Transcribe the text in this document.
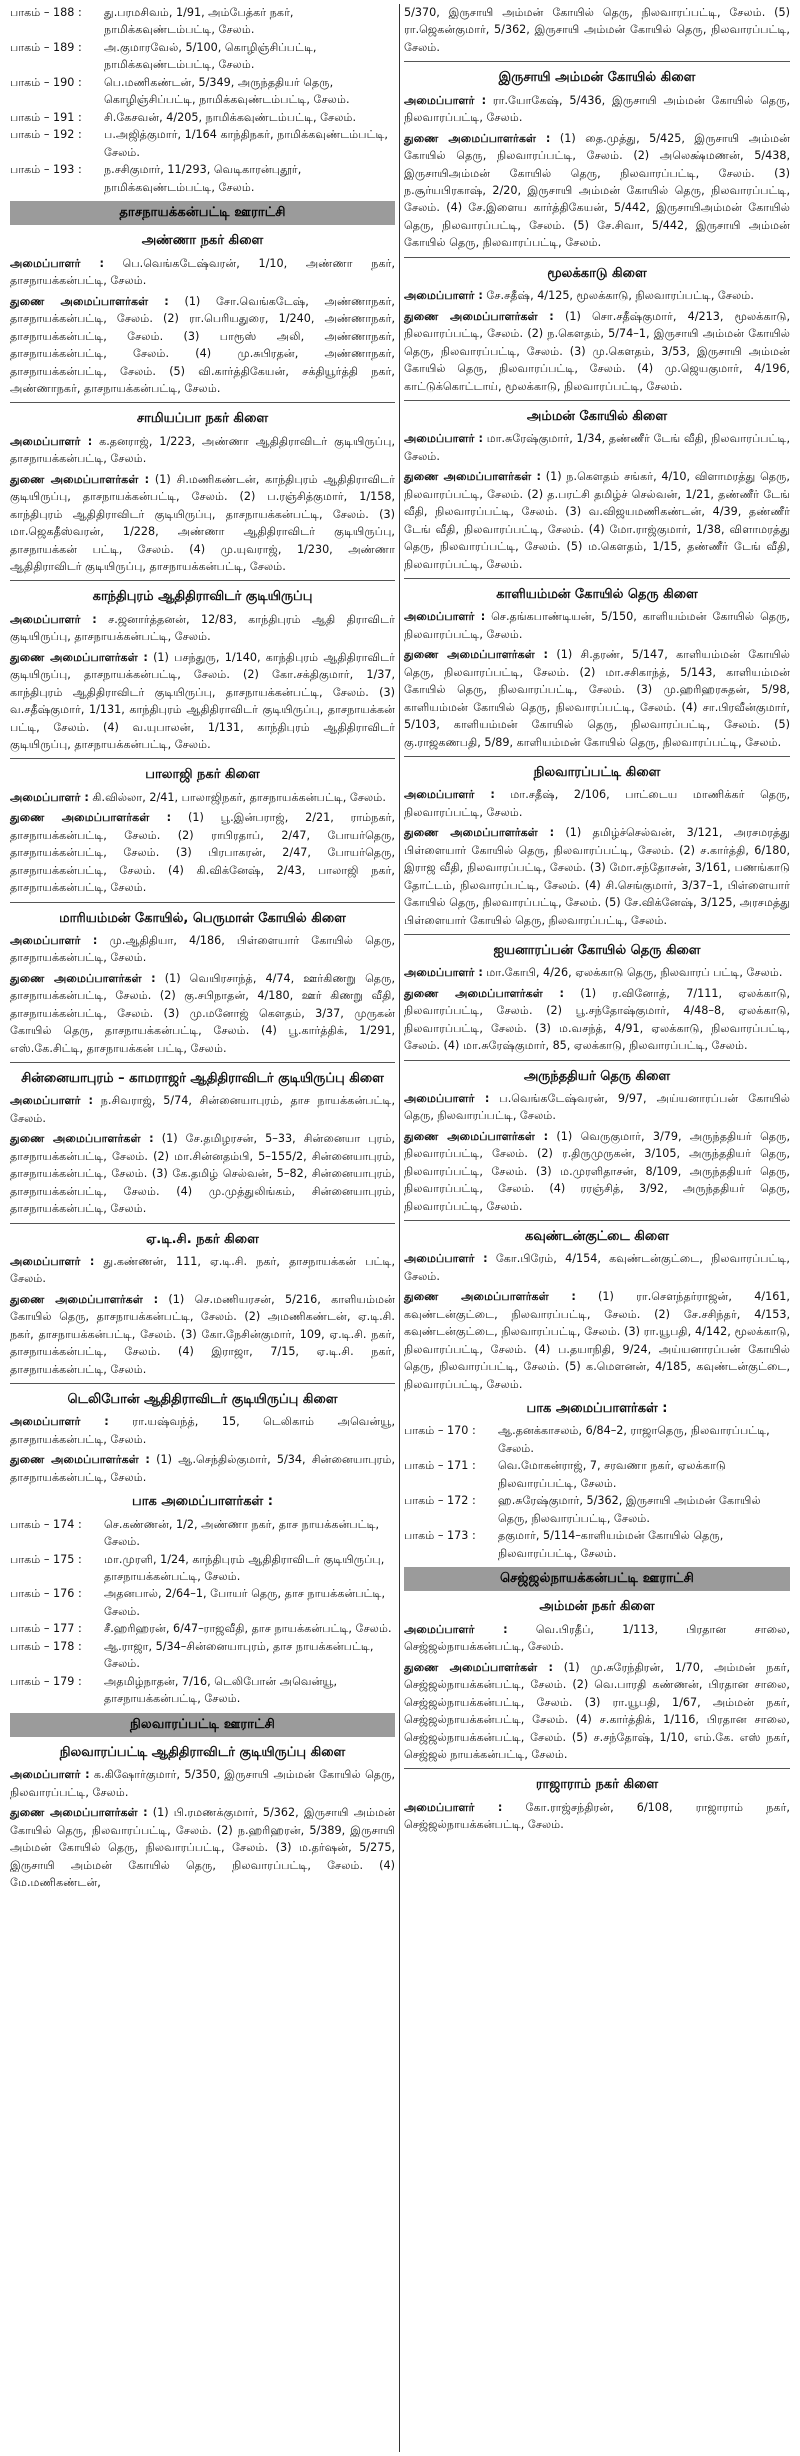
பாகம் – 188 :	து.பரமசிவம், 1/91, அம்பேத்கர் நகர், நாமிக்கவுண்டம்பட்டி, சேலம்.
பாகம் – 189 :	அ.குமாரவேல், 5/100, கொழிஞ்சிப்பட்டி, நாமிக்கவுண்டம்பட்டி, சேலம்.
பாகம் – 190 :	பெ.மணிகண்டன், 5/349, அருந்ததியர் தெரு, கொழிஞ்சிப்பட்டி, நாமிக்கவுண்டம்பட்டி, சேலம்.
பாகம் – 191 :	சி.கேசவன், 4/205, நாமிக்கவுண்டம்பட்டி, சேலம்.
பாகம் – 192 :	ப.அஜித்குமார், 1/164 காந்திநகர், நாமிக்கவுண்டம்பட்டி, சேலம்.
பாகம் – 193 :	ந.சசிகுமார், 11/293, வெடிகாரன்புதூர், நாமிக்கவுண்டம்பட்டி, சேலம்.
தாசநாயக்கன்பட்டி ஊராட்சி
அண்ணா நகர் கிளை
அமைப்பாளர் : பெ.வெங்கடேஷ்வரன், 1/10, அண்ணா நகர், தாசநாயக்கன்பட்டி, சேலம்.
துணை அமைப்பாளர்கள் : (1) சோ.வெங்கடேஷ், அண்ணாநகர், தாசநாயக்கன்பட்டி, சேலம். (2) ரா.பெரியதுரை, 1/240, அண்ணாநகர், தாசநாயக்கன்பட்டி, சேலம். (3) பாரூஸ் அலி, அண்ணாநகர், தாசநாயக்கன்பட்டி, சேலம். (4) மு.சுபிரதன், அண்ணாநகர், தாசநாயக்கன்பட்டி, சேலம். (5) வி.கார்த்திகேயன், சக்தியூர்த்தி நகர், அண்ணாநகர், தாசநாயக்கன்பட்டி, சேலம்.
சாமியப்பா நகர் கிளை
அமைப்பாளர் : க.தனராஜ், 1/223, அண்ணா ஆதிதிராவிடர் குடியிருப்பு, தாசநாயக்கன்பட்டி, சேலம்.
துணை அமைப்பாளர்கள் : (1) சி.மணிகண்டன், காந்திபுரம் ஆதிதிராவிடர் குடியிருப்பு, தாசநாயக்கன்பட்டி, சேலம். (2) ப.ரஞ்சித்குமார், 1/158, காந்திபுரம் ஆதிதிராவிடர் குடியிருப்பு, தாசநாயக்கன்பட்டி, சேலம். (3) மா.ஜெகதீஸ்வரன், 1/228, அண்ணா ஆதிதிராவிடர் குடியிருப்பு, தாசநாயக்கன் பட்டி, சேலம். (4) மு.யுவராஜ், 1/230, அண்ணா ஆதிதிராவிடர் குடியிருப்பு, தாசநாயக்கன்பட்டி, சேலம்.
காந்திபுரம் ஆதிதிராவிடர் குடியிருப்பு
அமைப்பாளர் : ச.ஜனார்த்தனன், 12/83, காந்திபுரம் ஆதி திராவிடர் குடியிருப்பு, தாசநாயக்கன்பட்டி, சேலம்.
துணை அமைப்பாளர்கள் : (1) பசந்துரு, 1/140, காந்திபுரம் ஆதிதிராவிடர் குடியிருப்பு, தாசநாயக்கன்பட்டி, சேலம். (2) கோ.சக்திகுமார், 1/37, காந்திபுரம் ஆதிதிராவிடர் குடியிருப்பு, தாசநாயக்கன்பட்டி, சேலம். (3) வ.சதீஷ்குமார், 1/131, காந்திபுரம் ஆதிதிராவிடர் குடியிருப்பு, தாசநாயக்கன் பட்டி, சேலம். (4) வ.யுபாலன், 1/131, காந்திபுரம் ஆதிதிராவிடர் குடியிருப்பு, தாசநாயக்கன்பட்டி, சேலம்.
பாலாஜி நகர் கிளை
அமைப்பாளர் : கி.வில்லா, 2/41, பாலாஜிநகர், தாசநாயக்கன்பட்டி, சேலம்.
துணை அமைப்பாளர்கள் : (1) பூ.இன்பராஜ், 2/21, ராம்நகர், தாசநாயக்கன்பட்டி, சேலம். (2) ராபிரதாப், 2/47, போயர்தெரு, தாசநாயக்கன்பட்டி, சேலம். (3) பிரபாகரன், 2/47, போயர்தெரு, தாசநாயக்கன்பட்டி, சேலம். (4) கி.விக்னேஷ், 2/43, பாலாஜி நகர், தாசநாயக்கன்பட்டி, சேலம்.
மாரியம்மன் கோயில், பெருமாள் கோயில் கிளை
அமைப்பாளர் : மு.ஆதிதியா, 4/186, பிள்ளையார் கோயில் தெரு, தாசநாயக்கன்பட்டி, சேலம்.
துணை அமைப்பாளர்கள் : (1) வெயிரசாந்த், 4/74, ஊர்கிணறு தெரு, தாசநாயக்கன்பட்டி, சேலம். (2) கு.சபிநாதன், 4/180, ஊர் கிணறு வீதி, தாசநாயக்கன்பட்டி, சேலம். (3) மு.மனோஜ் கௌதம், 3/37, முருகன் கோயில் தெரு, தாசநாயக்கன்பட்டி, சேலம். (4) பூ.கார்த்திக், 1/291, எஸ்.கே.சிட்டி, தாசநாயக்கன் பட்டி, சேலம்.
சின்னையாபுரம் – காமராஜர் ஆதிதிராவிடர் குடியிருப்பு கிளை
அமைப்பாளர் : ந.சிவராஜ், 5/74, சின்னையாபுரம், தாச நாயக்கன்பட்டி, சேலம்.
துணை அமைப்பாளர்கள் : (1) சே.தமிழரசன், 5–33, சின்னையா புரம், தாசநாயக்கன்பட்டி, சேலம். (2) மா.சின்னதம்பி, 5–155/2, சின்னையாபுரம், தாசநாயக்கன்பட்டி, சேலம். (3) கே.தமிழ் செல்வன், 5–82, சின்னையாபுரம், தாசநாயக்கன்பட்டி, சேலம். (4) மு.முத்துலிங்கம், சின்னையாபுரம், தாசநாயக்கன்பட்டி, சேலம்.
ஏ.டி.சி. நகர் கிளை
அமைப்பாளர் : து.கண்ணன், 111, ஏ.டி.சி. நகர், தாசநாயக்கன் பட்டி, சேலம்.
துணை அமைப்பாளர்கள் : (1) செ.மணியரசன், 5/216, காளியம்மன் கோயில் தெரு, தாசநாயக்கன்பட்டி, சேலம். (2) அமணிகண்டன், ஏ.டி.சி. நகர், தாசநாயக்கன்பட்டி, சேலம். (3) கோ.நேசின்குமார், 109, ஏ.டி.சி. நகர், தாசநாயக்கன்பட்டி, சேலம். (4) இராஜா, 7/15, ஏ.டி.சி. நகர், தாசநாயக்கன்பட்டி, சேலம்.
டெலிபோன் ஆதிதிராவிடர் குடியிருப்பு கிளை
அமைப்பாளர் : ரா.யஷ்வந்த், 15, டெலிகாம் அவென்யூ, தாசநாயக்கன்பட்டி, சேலம்.
துணை அமைப்பாளர்கள் : (1) ஆ.செந்தில்குமார், 5/34, சின்னையாபுரம், தாசநாயக்கன்பட்டி, சேலம்.
பாக அமைப்பாளர்கள் :
பாகம் – 174 :	செ.கண்ணன், 1/2, அண்ணா நகர், தாச நாயக்கன்பட்டி, சேலம்.
பாகம் – 175 :	மா.முரளி, 1/24, காந்திபுரம் ஆதிதிராவிடர் குடியிருப்பு, தாசநாயக்கன்பட்டி, சேலம்.
பாகம் – 176 :	அதனபால், 2/64–1, போயர் தெரு, தாச நாயக்கன்பட்டி, சேலம்.
பாகம் – 177 :	சீ.ஹரிஹரன், 6/47–ராஜவீதி, தாச நாயக்கன்பட்டி, சேலம்.
பாகம் – 178 :	ஆ.ராஜா, 5/34–சின்னையாபுரம், தாச நாயக்கன்பட்டி, சேலம்.
பாகம் – 179 :	அதமிழ்நாதன், 7/16, டெலிபோன் அவென்யூ, தாசநாயக்கன்பட்டி, சேலம்.
நிலவாரப்பட்டி ஊராட்சி
நிலவாரப்பட்டி ஆதிதிராவிடர் குடியிருப்பு கிளை
அமைப்பாளர் : க.கிஷோர்குமார், 5/350, இருசாயி அம்மன் கோயில் தெரு, நிலவாரப்பட்டி, சேலம்.
துணை அமைப்பாளர்கள் : (1) பி.ரமணக்குமார், 5/362, இருசாயி அம்மன் கோயில் தெரு, நிலவாரப்பட்டி, சேலம். (2) ந.ஹரிஹரன், 5/389, இருசாயி அம்மன் கோயில் தெரு, நிலவாரப்பட்டி, சேலம். (3) ம.தர்ஷன், 5/275, இருசாயி அம்மன் கோயில் தெரு, நிலவாரப்பட்டி, சேலம். (4) மே.மணிகண்டன்,
5/370, இருசாயி அம்மன் கோயில் தெரு, நிலவாரப்பட்டி, சேலம். (5) ரா.ஜெகன்குமார், 5/362, இருசாயி அம்மன் கோயில் தெரு, நிலவாரப்பட்டி, சேலம்.
இருசாயி அம்மன் கோயில் கிளை
அமைப்பாளர் : ரா.யோகேஷ், 5/436, இருசாயி அம்மன் கோயில் தெரு, நிலவாரப்பட்டி, சேலம்.
துணை அமைப்பாளர்கள் : (1) தை.முத்து, 5/425, இருசாயி அம்மன் கோயில் தெரு, நிலவாரப்பட்டி, சேலம். (2) அலெக்ஷ்மணன், 5/438, இருசாயிஅம்மன் கோயில் தெரு, நிலவாரப்பட்டி, சேலம். (3) ந.சூர்யபிரகாஷ், 2/20, இருசாயி அம்மன் கோயில் தெரு, நிலவாரப்பட்டி, சேலம். (4) சே.இளைய கார்த்திகேயன், 5/442, இருசாயிஅம்மன் கோயில் தெரு, நிலவாரப்பட்டி, சேலம். (5) சே.சிவா, 5/442, இருசாயி அம்மன் கோயில் தெரு, நிலவாரப்பட்டி, சேலம்.
மூலக்காடு கிளை
அமைப்பாளர் : சே.சதீஷ், 4/125, மூலக்காடு, நிலவாரப்பட்டி, சேலம்.
துணை அமைப்பாளர்கள் : (1) சொ.சதீஷ்குமார், 4/213, மூலக்காடு, நிலவாரப்பட்டி, சேலம். (2) ந.கௌதம், 5/74–1, இருசாயி அம்மன் கோயில் தெரு, நிலவாரப்பட்டி, சேலம். (3) மு.கௌதம், 3/53, இருசாயி அம்மன் கோயில் தெரு, நிலவாரப்பட்டி, சேலம். (4) மு.ஜெயகுமார், 4/196, காட்டுக்கொட்டாய், மூலக்காடு, நிலவாரப்பட்டி, சேலம்.
அம்மன் கோயில் கிளை
அமைப்பாளர் : மா.சுரேஷ்குமார், 1/34, தண்ணீர் டேங் வீதி, நிலவாரப்பட்டி, சேலம்.
துணை அமைப்பாளர்கள் : (1) ந.கௌதம் சங்கர், 4/10, விளாமரத்து தெரு, நிலவாரப்பட்டி, சேலம். (2) த.பரட்சி தமிழ்ச் செல்வன், 1/21, தண்ணீர் டேங் வீதி, நிலவாரப்பட்டி, சேலம். (3) வ.விஜயமணிகண்டன், 4/39, தண்ணீர் டேங் வீதி, நிலவாரப்பட்டி, சேலம். (4) மோ.ராஜ்குமார், 1/38, விளாமரத்து தெரு, நிலவாரப்பட்டி, சேலம். (5) ம.கௌதம், 1/15, தண்ணீர் டேங் வீதி, நிலவாரப்பட்டி, சேலம்.
காளியம்மன் கோயில் தெரு கிளை
அமைப்பாளர் : செ.தங்கபாண்டியன், 5/150, காளியம்மன் கோயில் தெரு, நிலவாரப்பட்டி, சேலம்.
துணை அமைப்பாளர்கள் : (1) சி.தரண், 5/147, காளியம்மன் கோயில் தெரு, நிலவாரப்பட்டி, சேலம். (2) மா.சசிகாந்த், 5/143, காளியம்மன் கோயில் தெரு, நிலவாரப்பட்டி, சேலம். (3) மு.ஹரிஹரசுதன், 5/98, காளியம்மன் கோயில் தெரு, நிலவாரப்பட்டி, சேலம். (4) சா.பிரவீன்குமார், 5/103, காளியம்மன் கோயில் தெரு, நிலவாரப்பட்டி, சேலம். (5) கு.ராஜகணபதி, 5/89, காளியம்மன் கோயில் தெரு, நிலவாரப்பட்டி, சேலம்.
நிலவாரப்பட்டி கிளை
அமைப்பாளர் : மா.சதீஷ், 2/106, பாட்டைய மாணிக்கர் தெரு, நிலவாரப்பட்டி, சேலம்.
துணை அமைப்பாளர்கள் : (1) தமிழ்ச்செல்வன், 3/121, அரசமரத்து பிள்ளையார் கோயில் தெரு, நிலவாரப்பட்டி, சேலம். (2) ச.கார்த்தி, 6/180, இராஜ வீதி, நிலவாரப்பட்டி, சேலம். (3) மோ.சந்தோசன், 3/161, பணங்காடு தோட்டம், நிலவாரப்பட்டி, சேலம். (4) சி.செங்குமார், 3/37–1, பிள்ளையார் கோயில் தெரு, நிலவாரப்பட்டி, சேலம். (5) சே.விக்னேஷ், 3/125, அரசமத்து பிள்ளையார் கோயில் தெரு, நிலவாரப்பட்டி, சேலம்.
ஐயனாரப்பன் கோயில் தெரு கிளை
அமைப்பாளர் : மா.கோபி, 4/26, ஏலக்காடு தெரு, நிலவாரப் பட்டி, சேலம்.
துணை அமைப்பாளர்கள் : (1) ர.வினோத், 7/111, ஏலக்காடு, நிலவாரப்பட்டி, சேலம். (2) பூ.சந்தோஷ்குமார், 4/48–8, ஏலக்காடு, நிலவாரப்பட்டி, சேலம். (3) ம.வசந்த், 4/91, ஏலக்காடு, நிலவாரப்பட்டி, சேலம். (4) மா.சுரேஷ்குமார், 85, ஏலக்காடு, நிலவாரப்பட்டி, சேலம்.
அருந்ததியர் தெரு கிளை
அமைப்பாளர் : ப.வெங்கடேஷ்வரன், 9/97, அய்யனாரப்பன் கோயில் தெரு, நிலவாரப்பட்டி, சேலம்.
துணை அமைப்பாளர்கள் : (1) வெருகுமார், 3/79, அருந்ததியர் தெரு, நிலவாரப்பட்டி, சேலம். (2) ர.திருமுருகன், 3/105, அருந்ததியர் தெரு, நிலவாரப்பட்டி, சேலம். (3) ம.முரளிதாசன், 8/109, அருந்ததியர் தெரு, நிலவாரப்பட்டி, சேலம். (4) ரரஞ்சித், 3/92, அருந்ததியர் தெரு, நிலவாரப்பட்டி, சேலம்.
கவுண்டன்குட்டை கிளை
அமைப்பாளர் : கோ.பிரேம், 4/154, கவுண்டன்குட்டை, நிலவாரப்பட்டி, சேலம்.
துணை அமைப்பாளர்கள் : (1) ரா.செளந்தர்ராஜன், 4/161, கவுண்டன்குட்டை, நிலவாரப்பட்டி, சேலம். (2) சே.சசிந்தர், 4/153, கவுண்டன்குட்டை, நிலவாரப்பட்டி, சேலம். (3) ரா.யூபதி, 4/142, மூலக்காடு, நிலவாரப்பட்டி, சேலம். (4) ப.தயாநிதி, 9/24, அய்யனாரப்பன் கோயில் தெரு, நிலவாரப்பட்டி, சேலம். (5) க.மௌனன், 4/185, கவுண்டன்குட்டை, நிலவாரப்பட்டி, சேலம்.
பாக அமைப்பாளர்கள் :
பாகம் – 170 :	ஆ.தனக்காசலம், 6/84–2, ராஜாதெரு, நிலவாரப்பட்டி, சேலம்.
பாகம் – 171 :	வெ.மோகன்ராஜ், 7, சரவணா நகர், ஏலக்காடு நிலவாரப்பட்டி, சேலம்.
பாகம் – 172 :	ஹ.சுரேஷ்குமார், 5/362, இருசாயி அம்மன் கோயில் தெரு, நிலவாரப்பட்டி, சேலம்.
பாகம் – 173 :	தகுமார், 5/114–காளியம்மன் கோயில் தெரு, நிலவாரப்பட்டி, சேலம்.
செஜ்ஜல்நாயக்கன்பட்டி ஊராட்சி
அம்மன் நகர் கிளை
அமைப்பாளர் : வெ.பிரதீப், 1/113, பிரதான சாலை, செஜ்ஜல்நாயக்கன்பட்டி, சேலம்.
துணை அமைப்பாளர்கள் : (1) மு.சுரேந்திரன், 1/70, அம்மன் நகர், செஜ்ஜல்நாயக்கன்பட்டி, சேலம். (2) வெ.பாரதி கண்ணன், பிரதான சாலை, செஜ்ஜல்நாயக்கன்பட்டி, சேலம். (3) ரா.யூபதி, 1/67, அம்மன் நகர், செஜ்ஜல்நாயக்கன்பட்டி, சேலம். (4) ச.கார்த்திக், 1/116, பிரதான சாலை, செஜ்ஜல்நாயக்கன்பட்டி, சேலம். (5) ச.சந்தோஷ், 1/10, எம்.கே. எஸ் நகர், செஜ்ஜல் நாயக்கன்பட்டி, சேலம்.
ராஜாராம் நகர் கிளை
அமைப்பாளர் : கோ.ராஜ்சந்திரன், 6/108, ராஜாராம் நகர், செஜ்ஜல்நாயக்கன்பட்டி, சேலம்.
